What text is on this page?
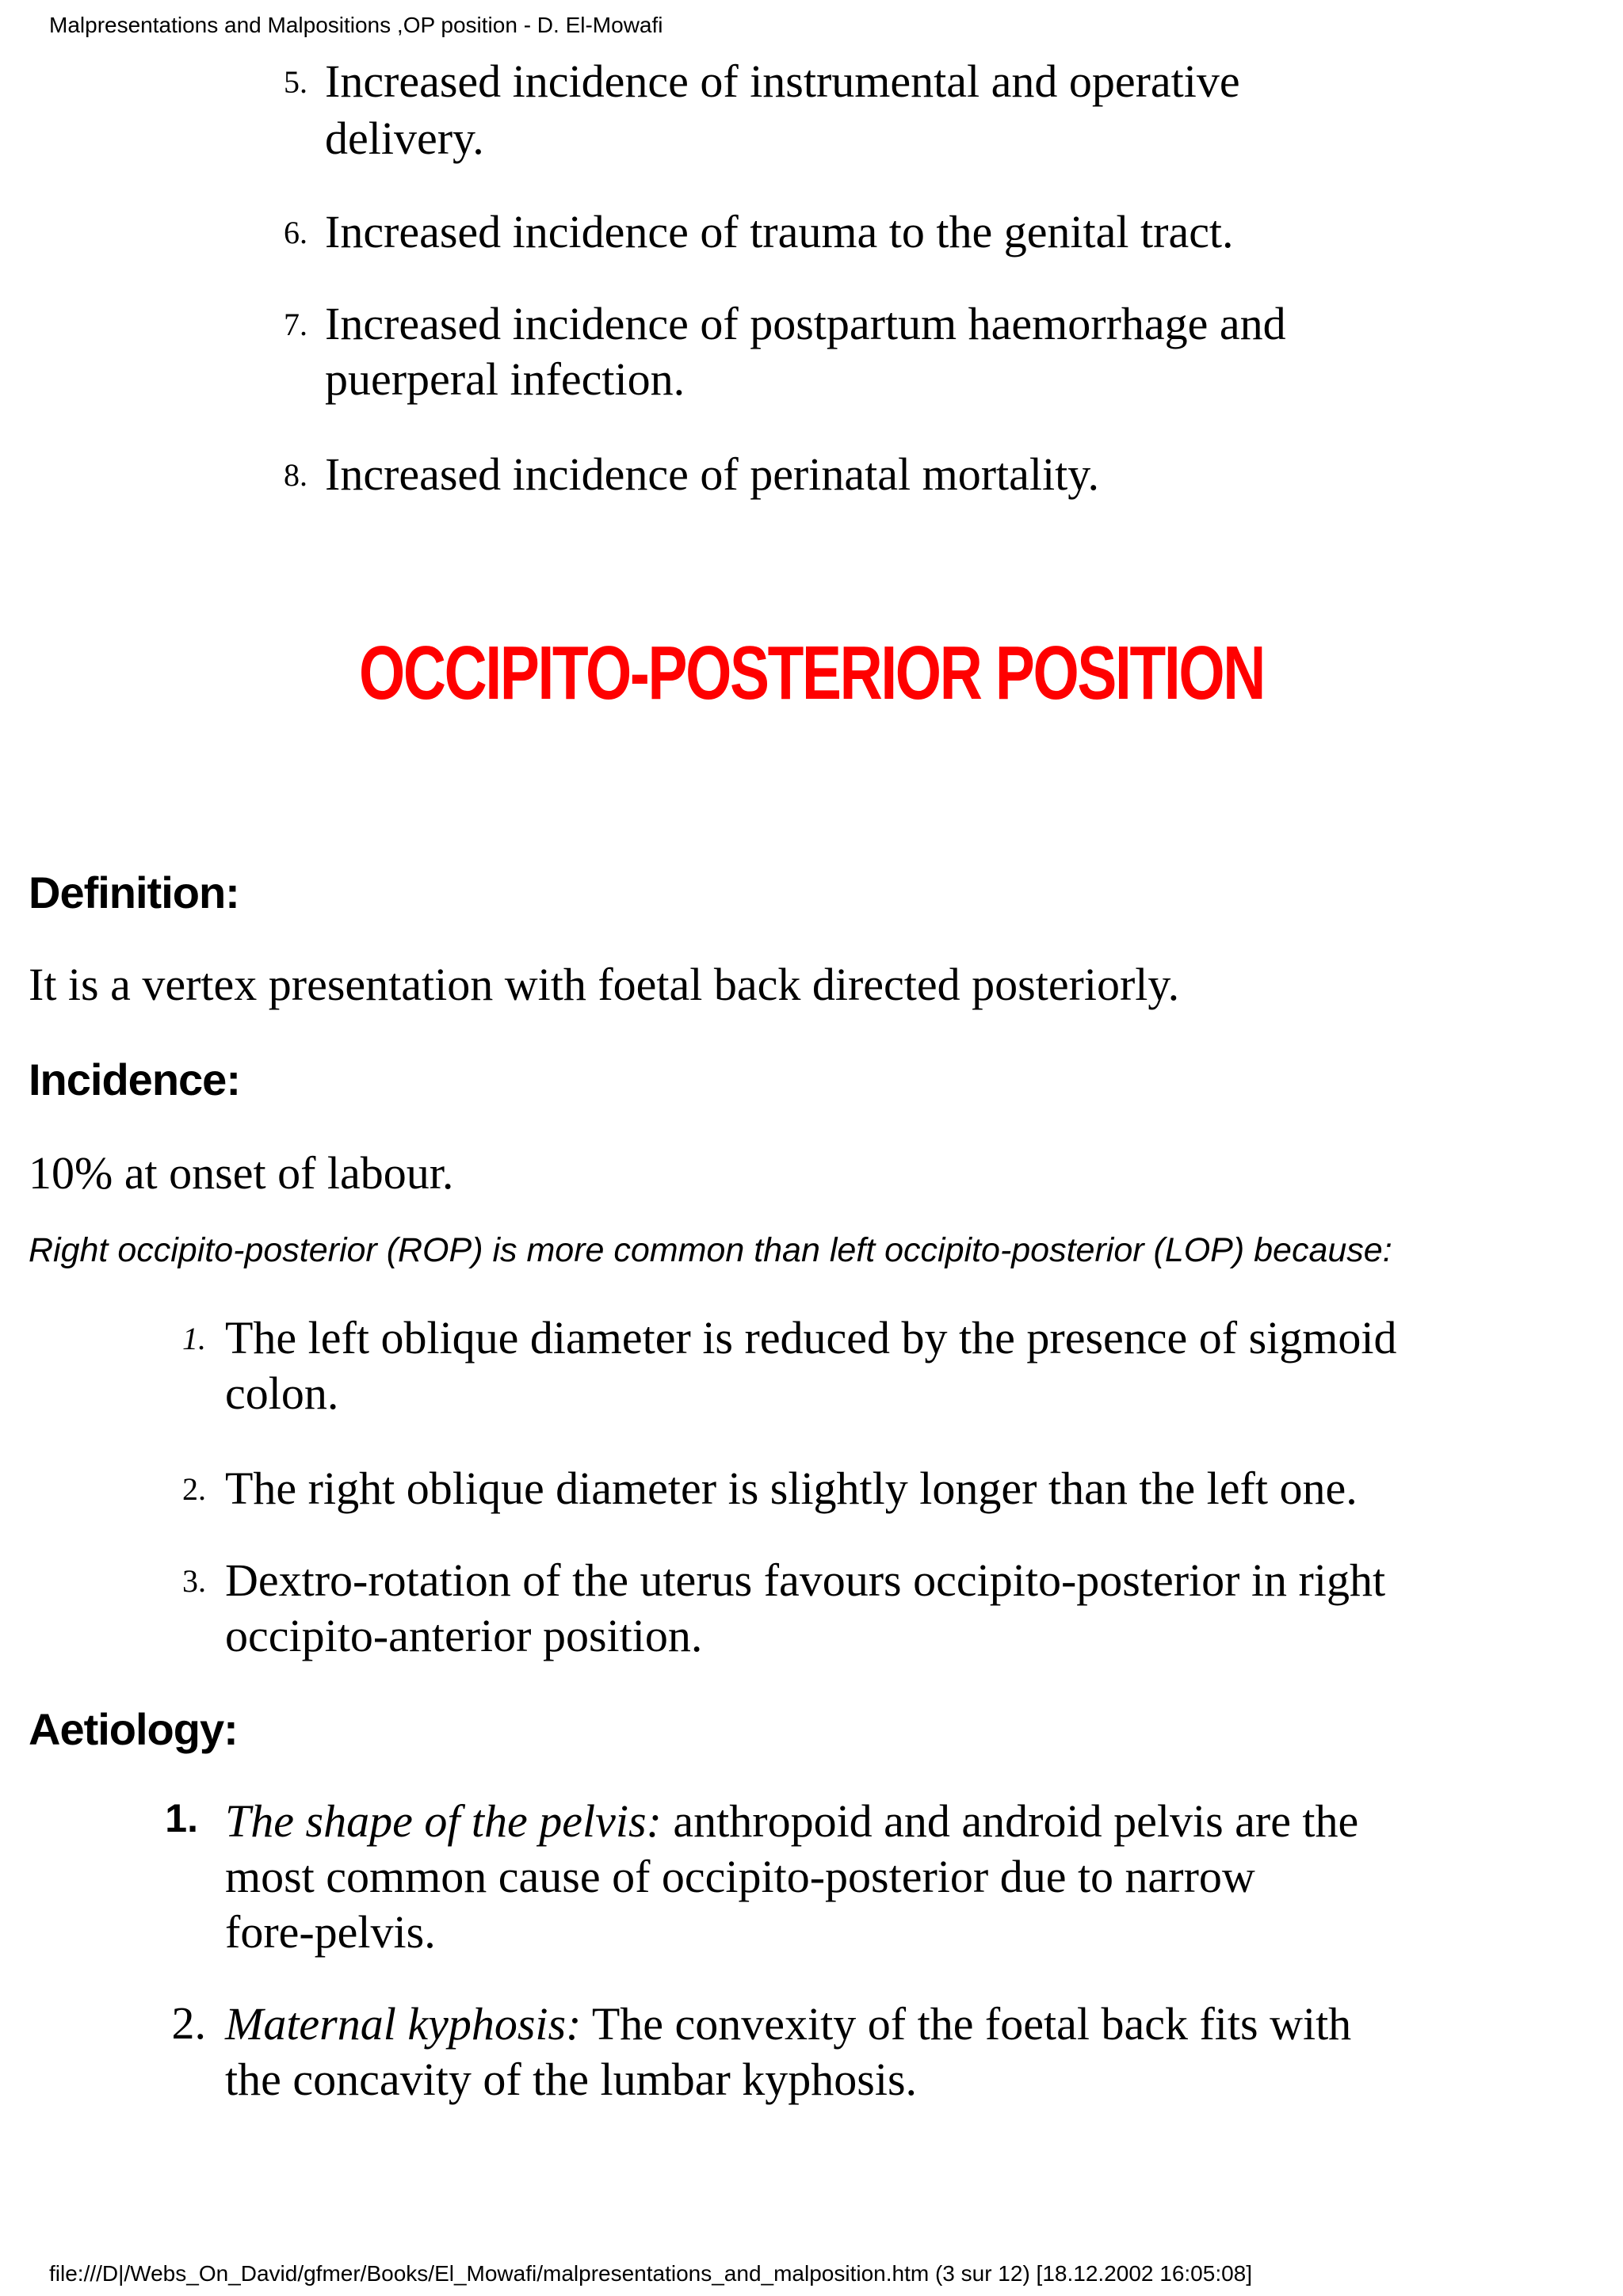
Malpresentations and Malpositions ,OP position - D. El-Mowafi
5. Increased incidence of instrumental and operative
delivery.
6. Increased incidence of trauma to the genital tract.
7. Increased incidence of postpartum haemorrhage and
puerperal infection.
8. Increased incidence of perinatal mortality.
OCCIPITO-POSTERIOR POSITION
Definition:
It is a vertex presentation with foetal back directed posteriorly.
Incidence:
10% at onset of labour.
Right occipito-posterior (ROP) is more common than left occipito-posterior (LOP) because:
1. The left oblique diameter is reduced by the presence of sigmoid
colon.
2. The right oblique diameter is slightly longer than the left one.
3. Dextro-rotation of the uterus favours occipito-posterior in right
occipito-anterior position.
Aetiology:
1. The shape of the pelvis: anthropoid and android pelvis are the
most common cause of occipito-posterior due to narrow
fore-pelvis.
2. Maternal kyphosis: The convexity of the foetal back fits with
the concavity of the lumbar kyphosis.
file:///D|/Webs_On_David/gfmer/Books/El_Mowafi/malpresentations_and_malposition.htm (3 sur 12) [18.12.2002 16:05:08]
